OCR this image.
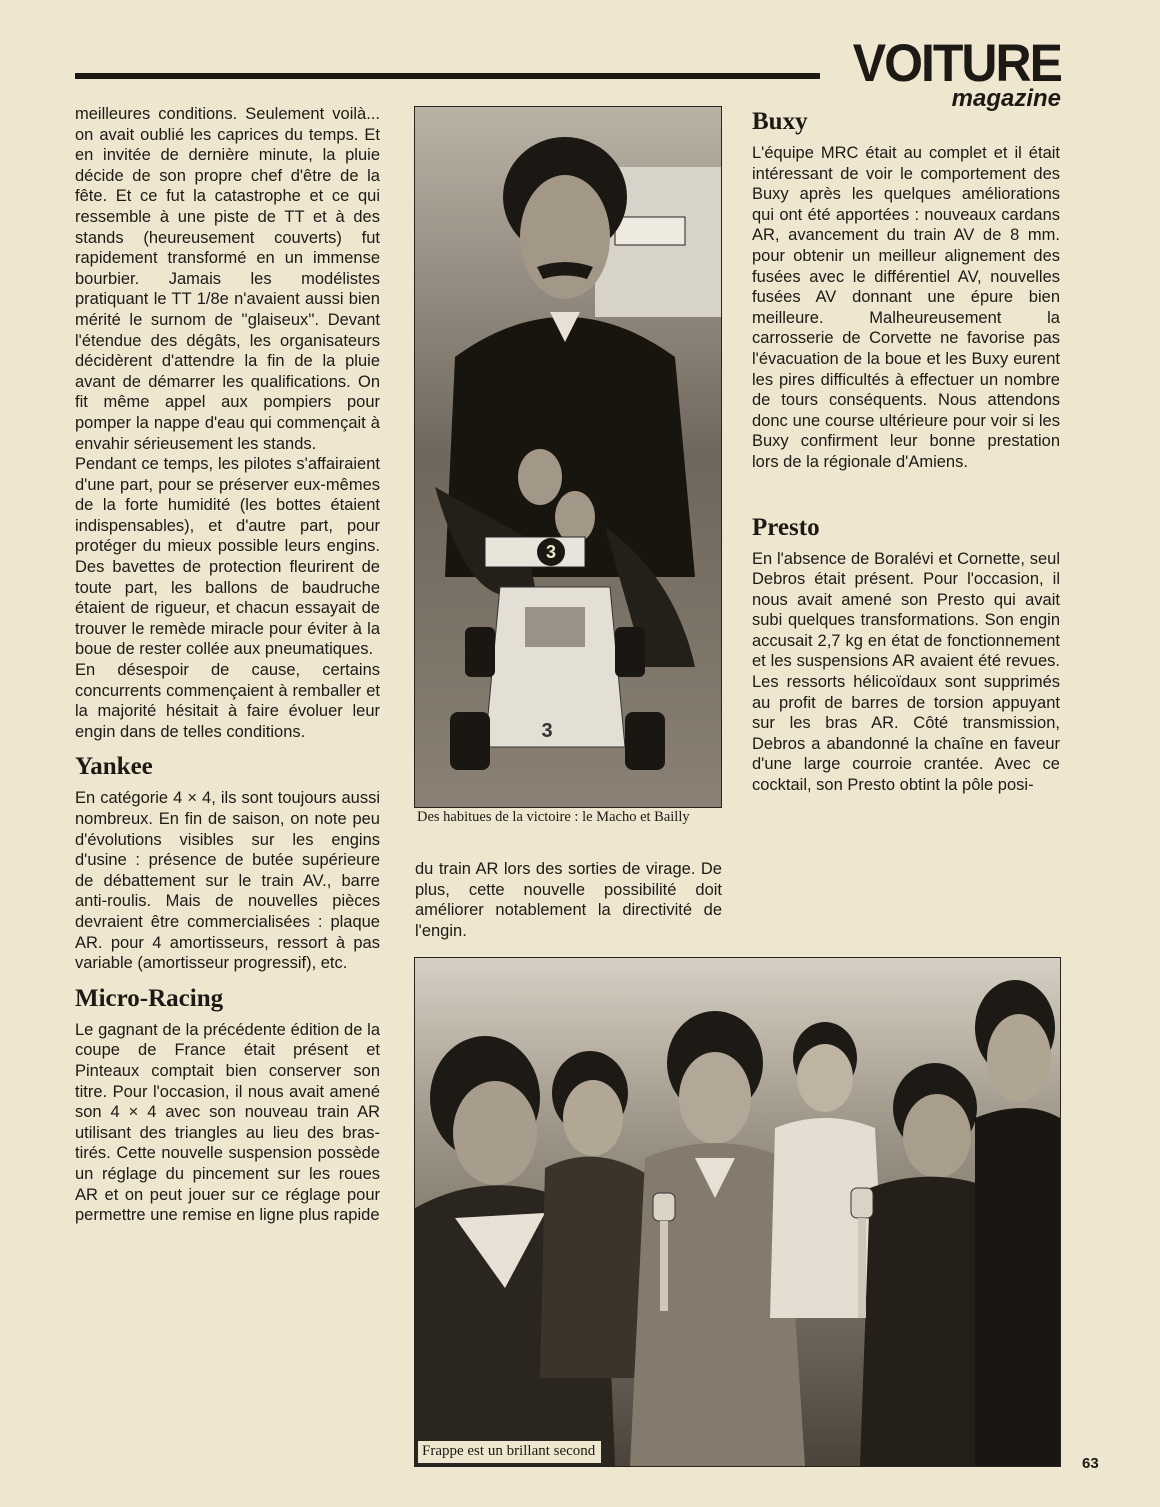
VOITURE
magazine

meilleures conditions. Seulement voilà... on avait oublié les caprices du temps. Et en invitée de dernière minute, la pluie décide de son propre chef d'être de la fête. Et ce fut la catastrophe et ce qui ressemble à une piste de TT et à des stands (heureusement couverts) fut rapidement transformé en un immense bourbier. Jamais les modélistes pratiquant le TT 1/8e n'avaient aussi bien mérité le surnom de ''glaiseux''. Devant l'étendue des dégâts, les organisateurs décidèrent d'attendre la fin de la pluie avant de démarrer les qualifications. On fit même appel aux pompiers pour pomper la nappe d'eau qui commençait à envahir sérieusement les stands.

Pendant ce temps, les pilotes s'affairaient d'une part, pour se préserver eux-mêmes de la forte humidité (les bottes étaient indispensables), et d'autre part, pour protéger du mieux possible leurs engins. Des bavettes de protection fleurirent de toute part, les ballons de baudruche étaient de rigueur, et chacun essayait de trouver le remède miracle pour éviter à la boue de rester collée aux pneumatiques.

En désespoir de cause, certains concurrents commençaient à remballer et la majorité hésitait à faire évoluer leur engin dans de telles conditions.

Yankee

En catégorie 4 × 4, ils sont toujours aussi nombreux. En fin de saison, on note peu d'évolutions visibles sur les engins d'usine : présence de butée supérieure de débattement sur le train AV., barre anti-roulis. Mais de nouvelles pièces devraient être commercialisées : plaque AR. pour 4 amortisseurs, ressort à pas variable (amortisseur progressif), etc.

Micro-Racing

Le gagnant de la précédente édition de la coupe de France était présent et Pinteaux comptait bien conserver son titre. Pour l'occasion, il nous avait amené son 4 × 4 avec son nouveau train AR utilisant des triangles au lieu des bras-tirés. Cette nouvelle suspension possède un réglage du pincement sur les roues AR et on peut jouer sur ce réglage pour permettre une remise en ligne plus rapide

3
3
Des habitues de la victoire : le Macho et Bailly

du train AR lors des sorties de virage. De plus, cette nouvelle possibilité doit améliorer notablement la directivité de l'engin.

Buxy

L'équipe MRC était au complet et il était intéressant de voir le comportement des Buxy après les quelques améliorations qui ont été apportées : nouveaux cardans AR, avancement du train AV de 8 mm. pour obtenir un meilleur alignement des fusées avec le différentiel AV, nouvelles fusées AV donnant une épure bien meilleure. Malheureusement la carrosserie de Corvette ne favorise pas l'évacuation de la boue et les Buxy eurent les pires difficultés à effectuer un nombre de tours conséquents. Nous attendons donc une course ultérieure pour voir si les Buxy confirment leur bonne prestation lors de la régionale d'Amiens.

Presto

En l'absence de Boralévi et Cornette, seul Debros était présent. Pour l'occasion, il nous avait amené son Presto qui avait subi quelques transformations. Son engin accusait 2,7 kg en état de fonctionnement et les suspensions AR avaient été revues. Les ressorts hélicoïdaux sont supprimés au profit de barres de torsion appuyant sur les bras AR. Côté transmission, Debros a abandonné la chaîne en faveur d'une large courroie crantée. Avec ce cocktail, son Presto obtint la pôle posi-

Frappe est un brillant second
63
